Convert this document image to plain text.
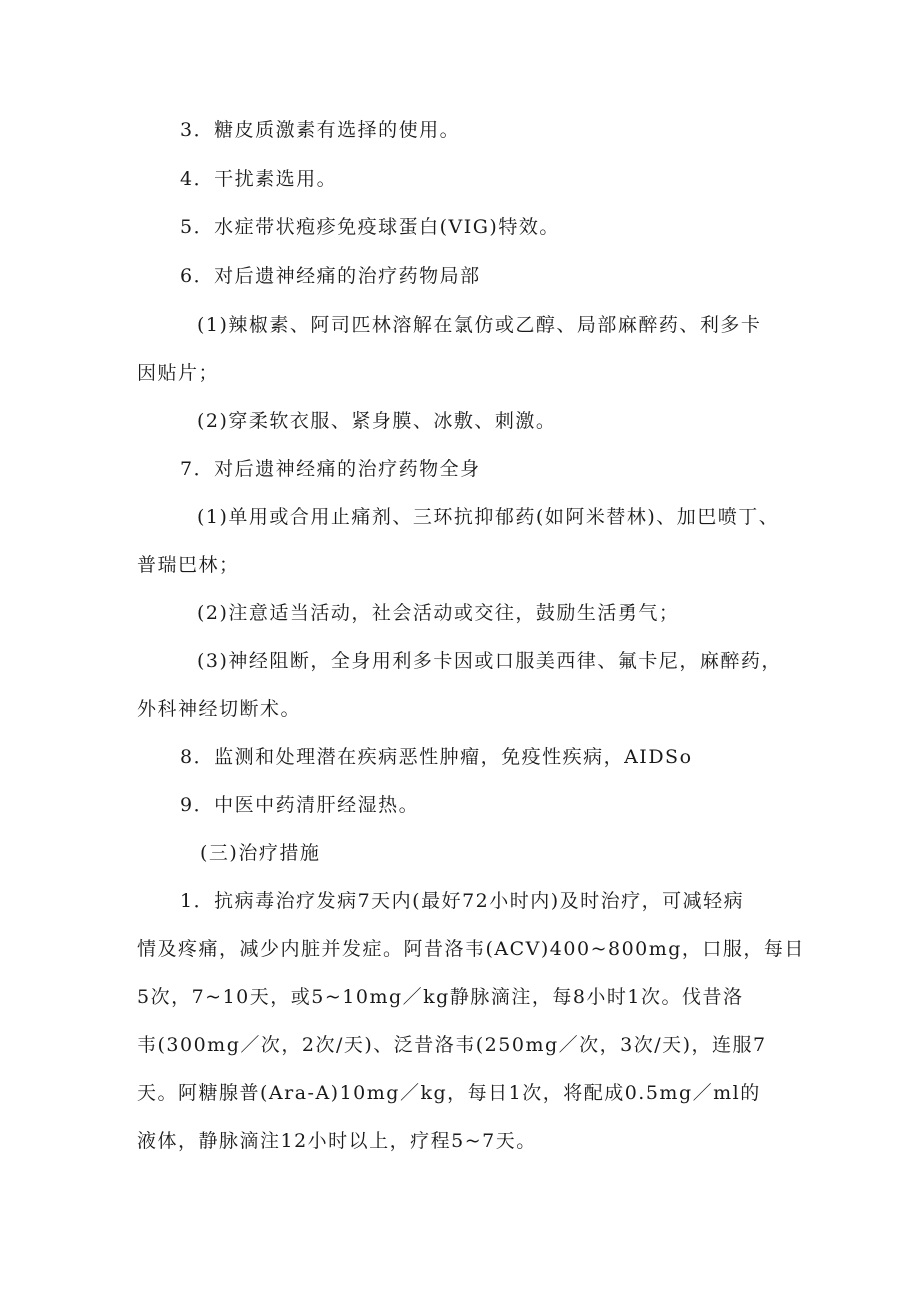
3．糖皮质激素有选择的使用。
4．干扰素选用。
5．水症带状疱疹免疫球蛋白(VIG)特效。
6．对后遗神经痛的治疗药物局部
(1)辣椒素、阿司匹林溶解在氯仿或乙醇、局部麻醉药、利多卡
因贴片；
(2)穿柔软衣服、紧身膜、冰敷、刺激。
7．对后遗神经痛的治疗药物全身
(1)单用或合用止痛剂、三环抗抑郁药(如阿米替林)、加巴喷丁、
普瑞巴林；
(2)注意适当活动，社会活动或交往，鼓励生活勇气；
(3)神经阻断，全身用利多卡因或口服美西律、氟卡尼，麻醉药，
外科神经切断术。
8．监测和处理潜在疾病恶性肿瘤，免疫性疾病，AIDSo
9．中医中药清肝经湿热。
(三)治疗措施
1．抗病毒治疗发病7天内(最好72小时内)及时治疗，可减轻病
情及疼痛，减少内脏并发症。阿昔洛韦(ACV)400~800mg，口服，每日
5次，7~10天，或5~10mg／kg静脉滴注，每8小时1次。伐昔洛
韦(300mg／次，2次/天)、泛昔洛韦(250mg／次，3次/天)，连服7
天。阿糖腺普(Ara-A)10mg／kg，每日1次，将配成0.5mg／ml的
液体，静脉滴注12小时以上，疗程5~7天。
